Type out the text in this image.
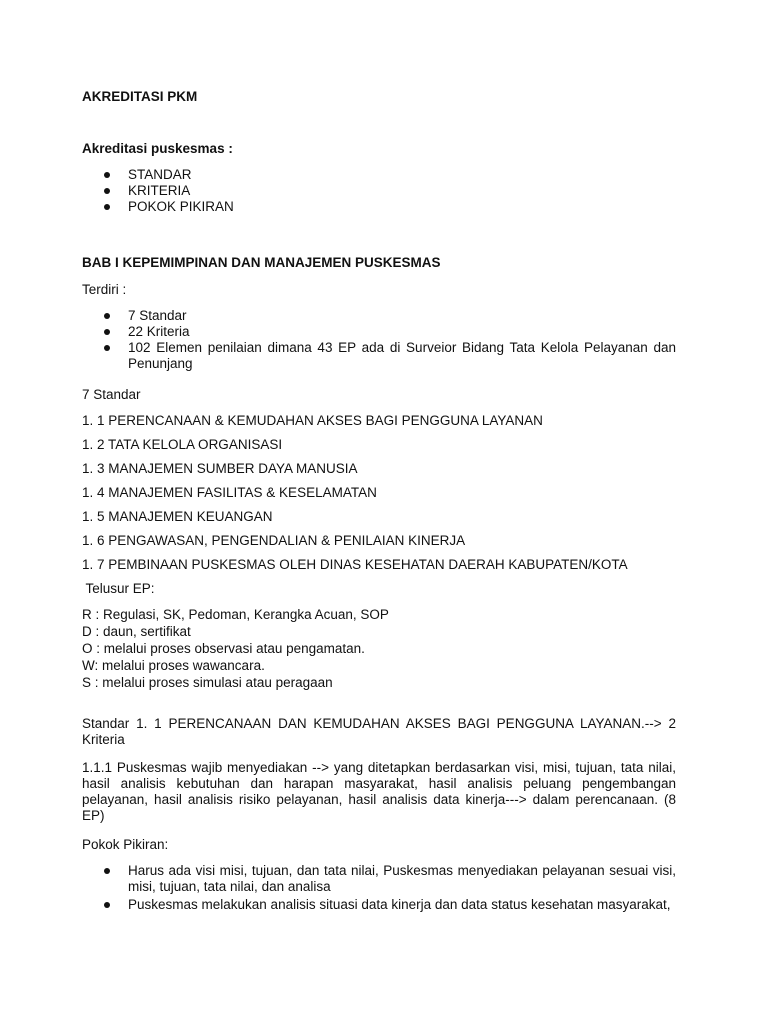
AKREDITASI PKM

Akreditasi puskesmas :

STANDAR
KRITERIA
POKOK PIKIRAN

BAB I KEPEMIMPINAN DAN MANAJEMEN PUSKESMAS

Terdiri :

7 Standar
22 Kriteria
102 Elemen penilaian dimana 43 EP ada di Surveior Bidang Tata Kelola Pelayanan dan Penunjang

7 Standar

1. 1 PERENCANAAN & KEMUDAHAN AKSES BAGI PENGGUNA LAYANAN

1. 2 TATA KELOLA ORGANISASI

1. 3 MANAJEMEN SUMBER DAYA MANUSIA

1. 4 MANAJEMEN FASILITAS & KESELAMATAN

1. 5 MANAJEMEN KEUANGAN

1. 6 PENGAWASAN, PENGENDALIAN & PENILAIAN KINERJA

1. 7 PEMBINAAN PUSKESMAS OLEH DINAS KESEHATAN DAERAH KABUPATEN/KOTA

Telusur EP:

R : Regulasi, SK, Pedoman, Kerangka Acuan, SOP

D : daun, sertifikat

O : melalui proses observasi atau pengamatan.

W: melalui proses wawancara.

S : melalui proses simulasi atau peragaan

Standar 1. 1 PERENCANAAN DAN KEMUDAHAN AKSES BAGI PENGGUNA LAYANAN.--> 2 Kriteria

1.1.1 Puskesmas wajib menyediakan --> yang ditetapkan berdasarkan visi, misi, tujuan, tata nilai, hasil analisis kebutuhan dan harapan masyarakat, hasil analisis peluang pengembangan pelayanan, hasil analisis risiko pelayanan, hasil analisis data kinerja---> dalam perencanaan. (8 EP)

Pokok Pikiran:

Harus ada visi misi, tujuan, dan tata nilai, Puskesmas menyediakan pelayanan sesuai visi, misi, tujuan, tata nilai, dan analisa
Puskesmas melakukan analisis situasi data kinerja dan data status kesehatan masyarakat,
